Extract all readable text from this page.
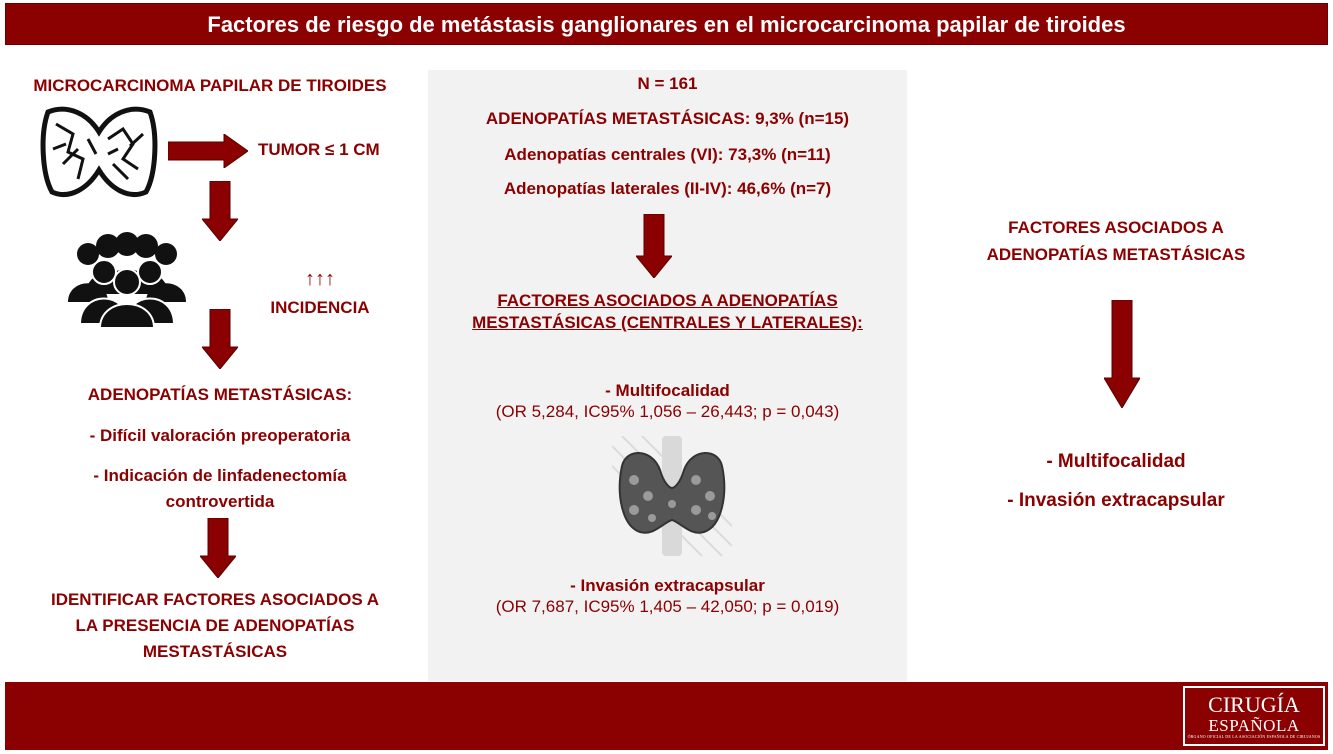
Factores de riesgo de metástasis ganglionares en el microcarcinoma papilar de tiroides
MICROCARCINOMA PAPILAR DE TIROIDES
TUMOR ≤ 1 CM
↑↑↑
INCIDENCIA
ADENOPATÍAS METASTÁSICAS:
- Difícil valoración preoperatoria
- Indicación de linfadenectomía
controvertida
IDENTIFICAR FACTORES ASOCIADOS A
LA PRESENCIA DE ADENOPATÍAS
MESTASTÁSICAS
N = 161
ADENOPATÍAS METASTÁSICAS: 9,3% (n=15)
Adenopatías centrales (VI): 73,3% (n=11)
Adenopatías laterales (II-IV): 46,6% (n=7)
FACTORES ASOCIADOS A ADENOPATÍAS
MESTASTÁSICAS (CENTRALES Y LATERALES):
- Multifocalidad
(OR 5,284, IC95% 1,056 – 26,443; p = 0,043)
- Invasión extracapsular
(OR 7,687, IC95% 1,405 – 42,050; p = 0,019)
FACTORES ASOCIADOS A
ADENOPATÍAS METASTÁSICAS
- Multifocalidad
- Invasión extracapsular
CIRUGÍA
ESPAÑOLA
ÓRGANO OFICIAL DE LA ASOCIACIÓN ESPAÑOLA DE CIRUJANOS
